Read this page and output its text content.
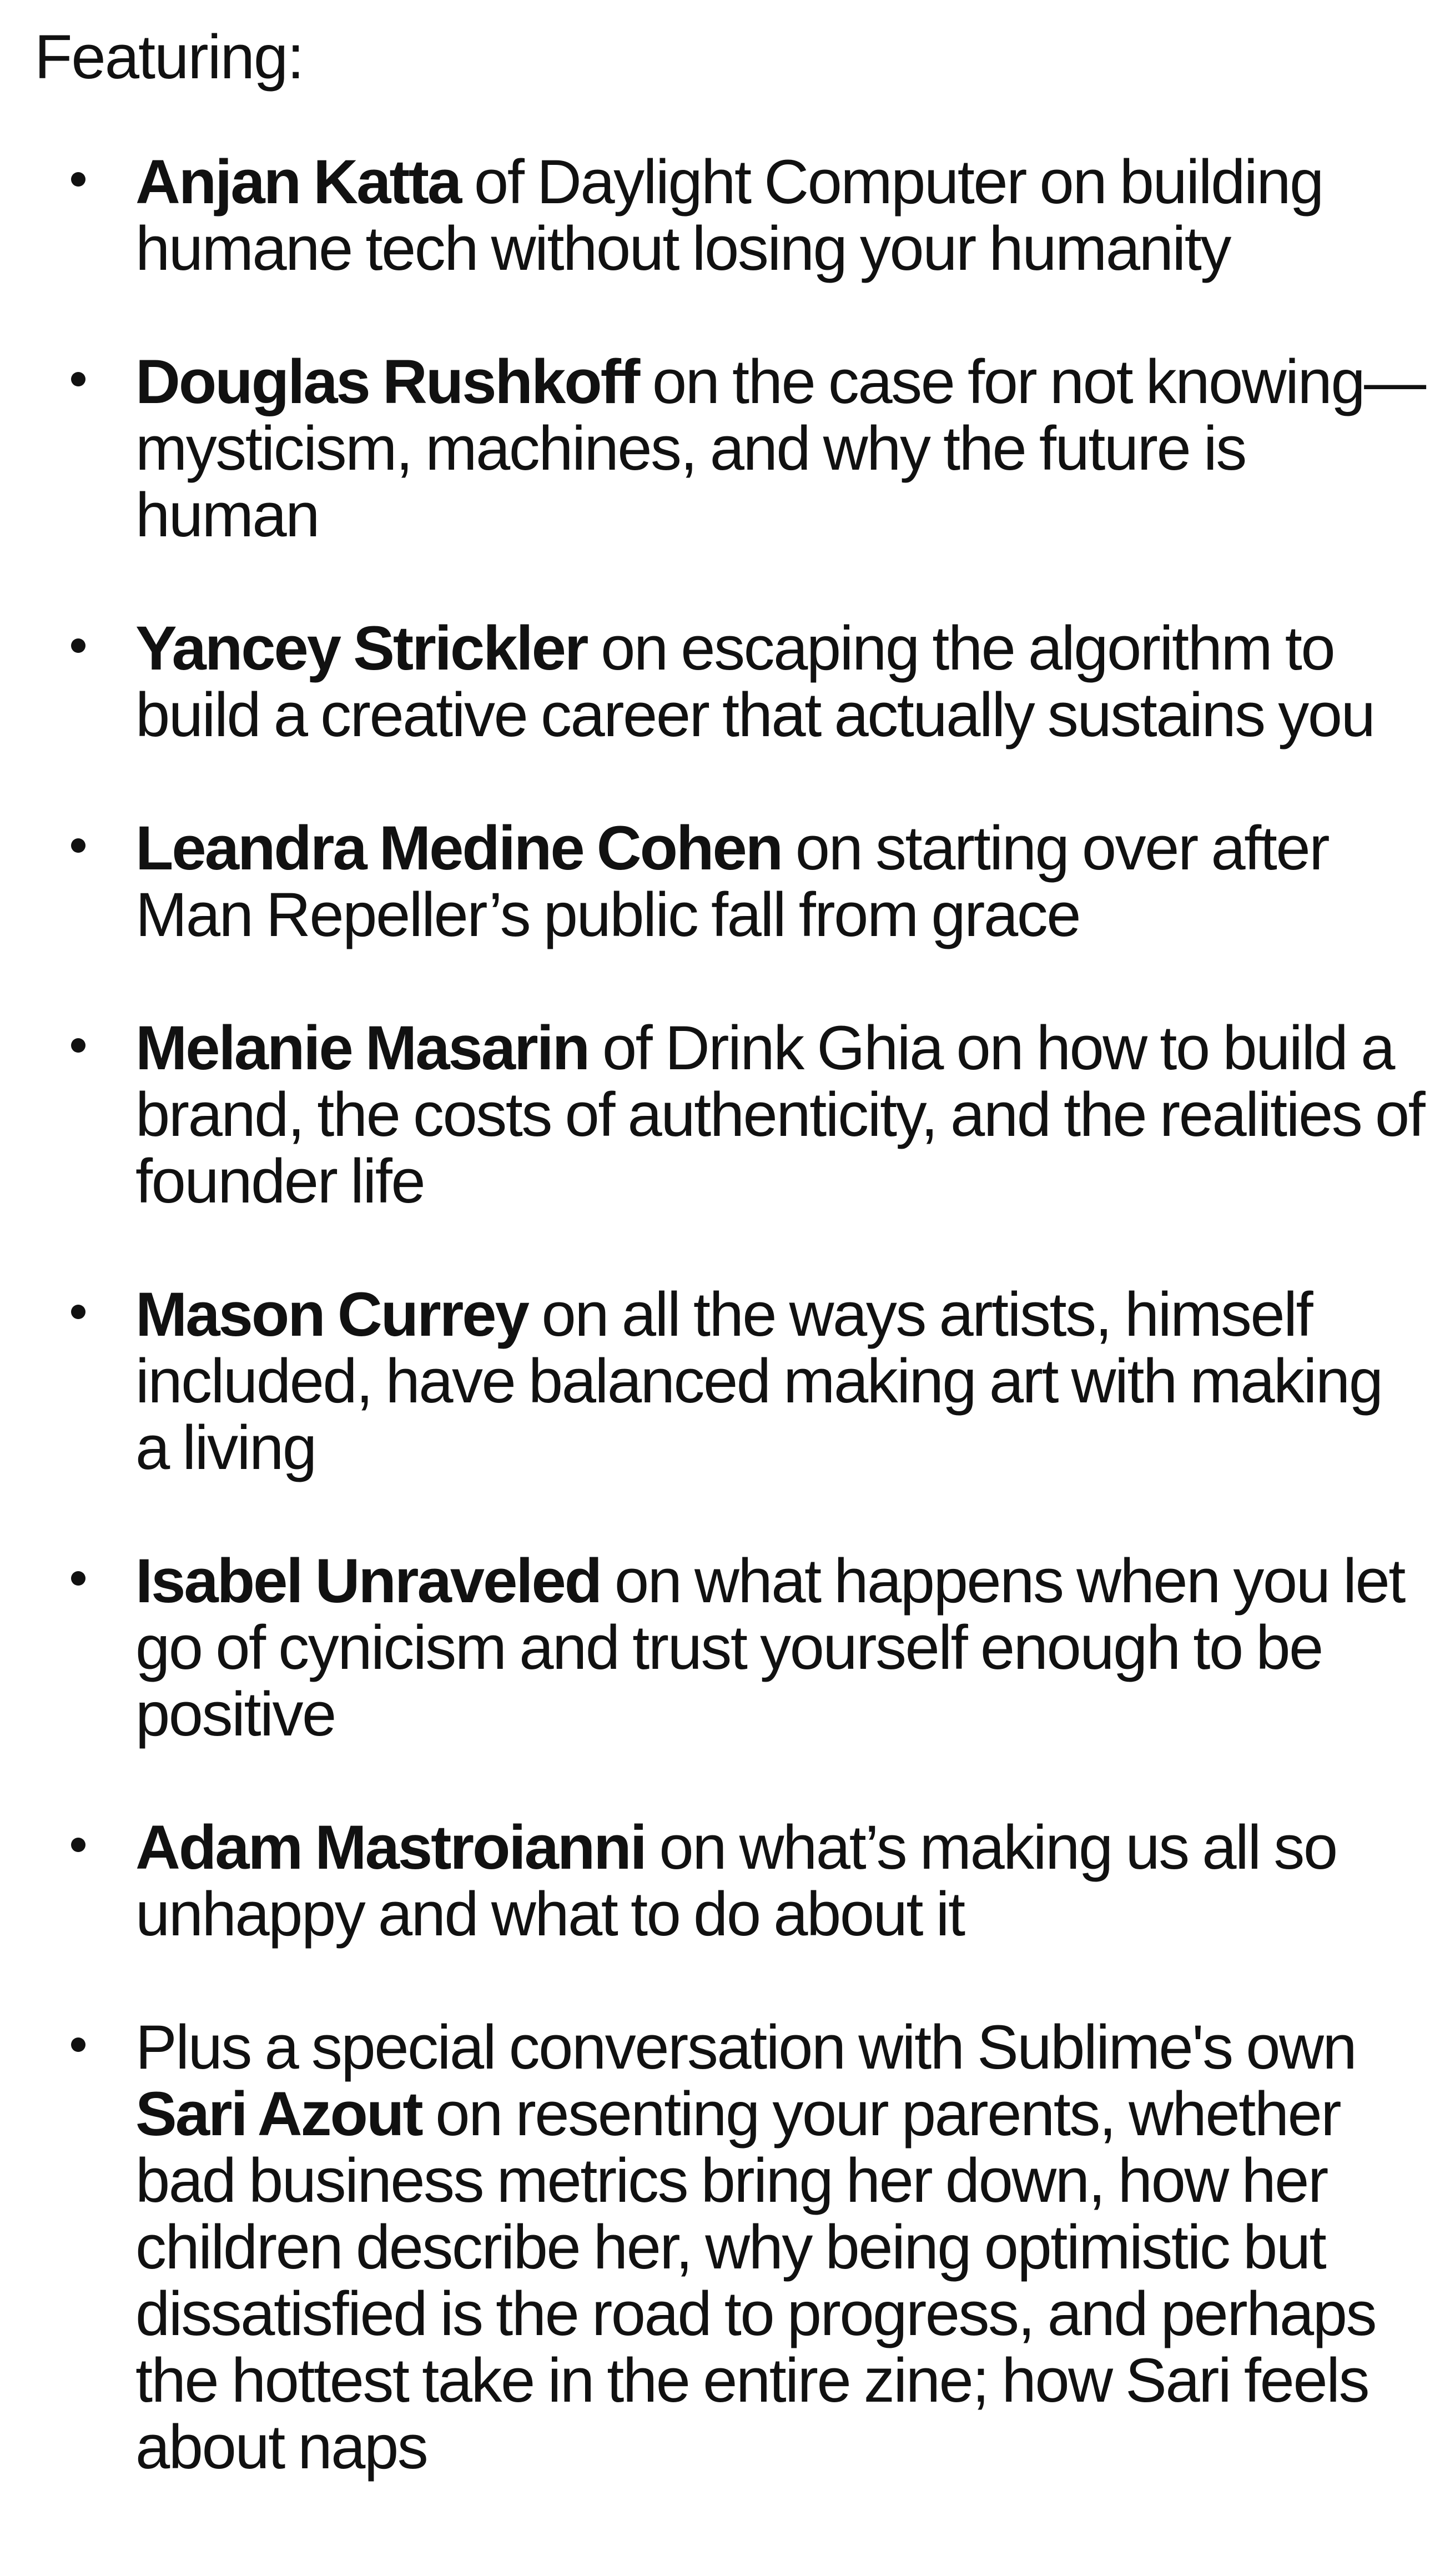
Featuring:

Anjan Katta of Daylight Computer on building humane tech without losing your humanity
Douglas Rushkoff on the case for not knowing—mysticism, machines, and why the future is human
Yancey Strickler on escaping the algorithm to build a creative career that actually sustains you
Leandra Medine Cohen on starting over after Man Repeller’s public fall from grace
Melanie Masarin of Drink Ghia on how to build a brand, the costs of authenticity, and the realities of founder life
Mason Currey on all the ways artists, himself included, have balanced making art with making a living
Isabel Unraveled on what happens when you let go of cynicism and trust yourself enough to be positive
Adam Mastroianni on what’s making us all so unhappy and what to do about it
Plus a special conversation with Sublime's own Sari Azout on resenting your parents, whether bad business metrics bring her down, how her children describe her, why being optimistic but dissatisfied is the road to progress, and perhaps the hottest take in the entire zine; how Sari feels about naps
